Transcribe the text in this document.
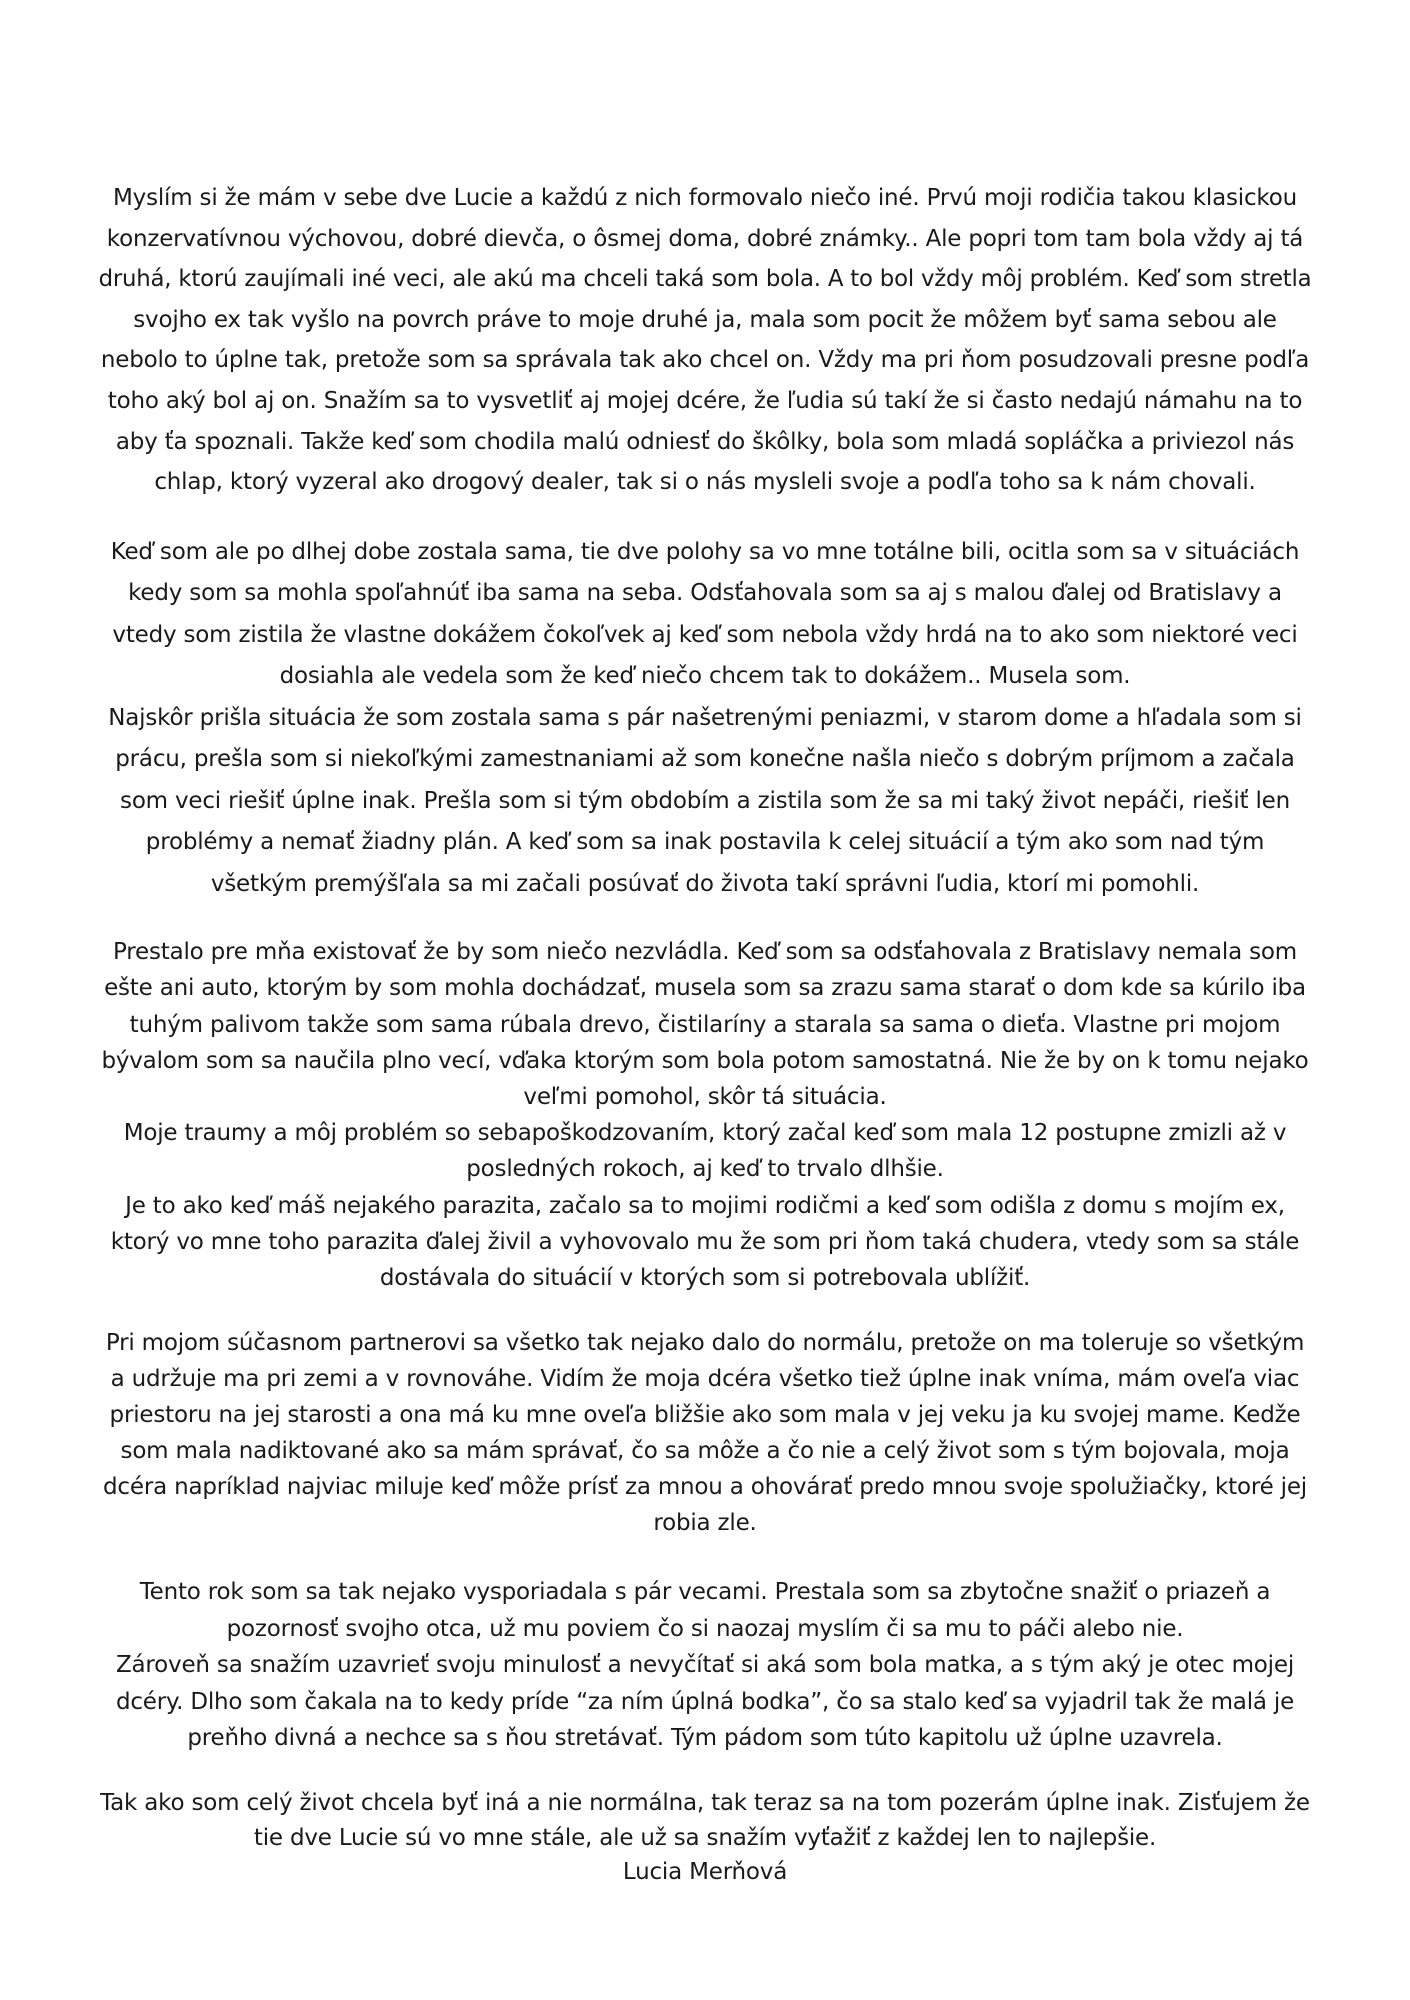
Myslím si že mám v sebe dve Lucie a každú z nich formovalo niečo iné. Prvú moji rodičia takou klasickou
konzervatívnou výchovou, dobré dievča, o ôsmej doma, dobré známky.. Ale popri tom tam bola vždy aj tá
druhá, ktorú zaujímali iné veci, ale akú ma chceli taká som bola. A to bol vždy môj problém. Keď som stretla
svojho ex tak vyšlo na povrch práve to moje druhé ja, mala som pocit že môžem byť sama sebou ale
nebolo to úplne tak, pretože som sa správala tak ako chcel on. Vždy ma pri ňom posudzovali presne podľa
toho aký bol aj on. Snažím sa to vysvetliť aj mojej dcére, že ľudia sú takí že si často nedajú námahu na to
aby ťa spoznali. Takže keď som chodila malú odniesť do škôlky, bola som mladá sopláčka a priviezol nás
chlap, ktorý vyzeral ako drogový dealer, tak si o nás mysleli svoje a podľa toho sa k nám chovali.

Keď som ale po dlhej dobe zostala sama, tie dve polohy sa vo mne totálne bili, ocitla som sa v situáciách
kedy som sa mohla spoľahnúť iba sama na seba. Odsťahovala som sa aj s malou ďalej od Bratislavy a
vtedy som zistila že vlastne dokážem čokoľvek aj keď som nebola vždy hrdá na to ako som niektoré veci
dosiahla ale vedela som že keď niečo chcem tak to dokážem.. Musela som.
Najskôr prišla situácia že som zostala sama s pár našetrenými peniazmi, v starom dome a hľadala som si
prácu, prešla som si niekoľkými zamestnaniami až som konečne našla niečo s dobrým príjmom a začala
som veci riešiť úplne inak. Prešla som si tým obdobím a zistila som že sa mi taký život nepáči, riešiť len
problémy a nemať žiadny plán. A keď som sa inak postavila k celej situácií a tým ako som nad tým
všetkým premýšľala sa mi začali posúvať do života takí správni ľudia, ktorí mi pomohli.

Prestalo pre mňa existovať že by som niečo nezvládla. Keď som sa odsťahovala z Bratislavy nemala som
ešte ani auto, ktorým by som mohla dochádzať, musela som sa zrazu sama starať o dom kde sa kúrilo iba
tuhým palivom takže som sama rúbala drevo, čistilaríny a starala sa sama o dieťa. Vlastne pri mojom
bývalom som sa naučila plno vecí, vďaka ktorým som bola potom samostatná. Nie že by on k tomu nejako
veľmi pomohol, skôr tá situácia.
Moje traumy a môj problém so sebapoškodzovaním, ktorý začal keď som mala 12 postupne zmizli až v
posledných rokoch, aj keď to trvalo dlhšie.
Je to ako keď máš nejakého parazita, začalo sa to mojimi rodičmi a keď som odišla z domu s mojím ex,
ktorý vo mne toho parazita ďalej živil a vyhovovalo mu že som pri ňom taká chudera, vtedy som sa stále
dostávala do situácií v ktorých som si potrebovala ublížiť.

Pri mojom súčasnom partnerovi sa všetko tak nejako dalo do normálu, pretože on ma toleruje so všetkým
a udržuje ma pri zemi a v rovnováhe. Vidím že moja dcéra všetko tiež úplne inak vníma, mám oveľa viac
priestoru na jej starosti a ona má ku mne oveľa bližšie ako som mala v jej veku ja ku svojej mame. Kedže
som mala nadiktované ako sa mám správať, čo sa môže a čo nie a celý život som s tým bojovala, moja
dcéra napríklad najviac miluje keď môže prísť za mnou a ohovárať predo mnou svoje spolužiačky, ktoré jej
robia zle.

Tento rok som sa tak nejako vysporiadala s pár vecami. Prestala som sa zbytočne snažiť o priazeň a
pozornosť svojho otca, už mu poviem čo si naozaj myslím či sa mu to páči alebo nie.
Zároveň sa snažím uzavrieť svoju minulosť a nevyčítať si aká som bola matka, a s tým aký je otec mojej
dcéry. Dlho som čakala na to kedy príde “za ním úplná bodka”, čo sa stalo keď sa vyjadril tak že malá je
preňho divná a nechce sa s ňou stretávať. Tým pádom som túto kapitolu už úplne uzavrela.

Tak ako som celý život chcela byť iná a nie normálna, tak teraz sa na tom pozerám úplne inak. Zisťujem že
tie dve Lucie sú vo mne stále, ale už sa snažím vyťažiť z každej len to najlepšie.
Lucia Merňová
